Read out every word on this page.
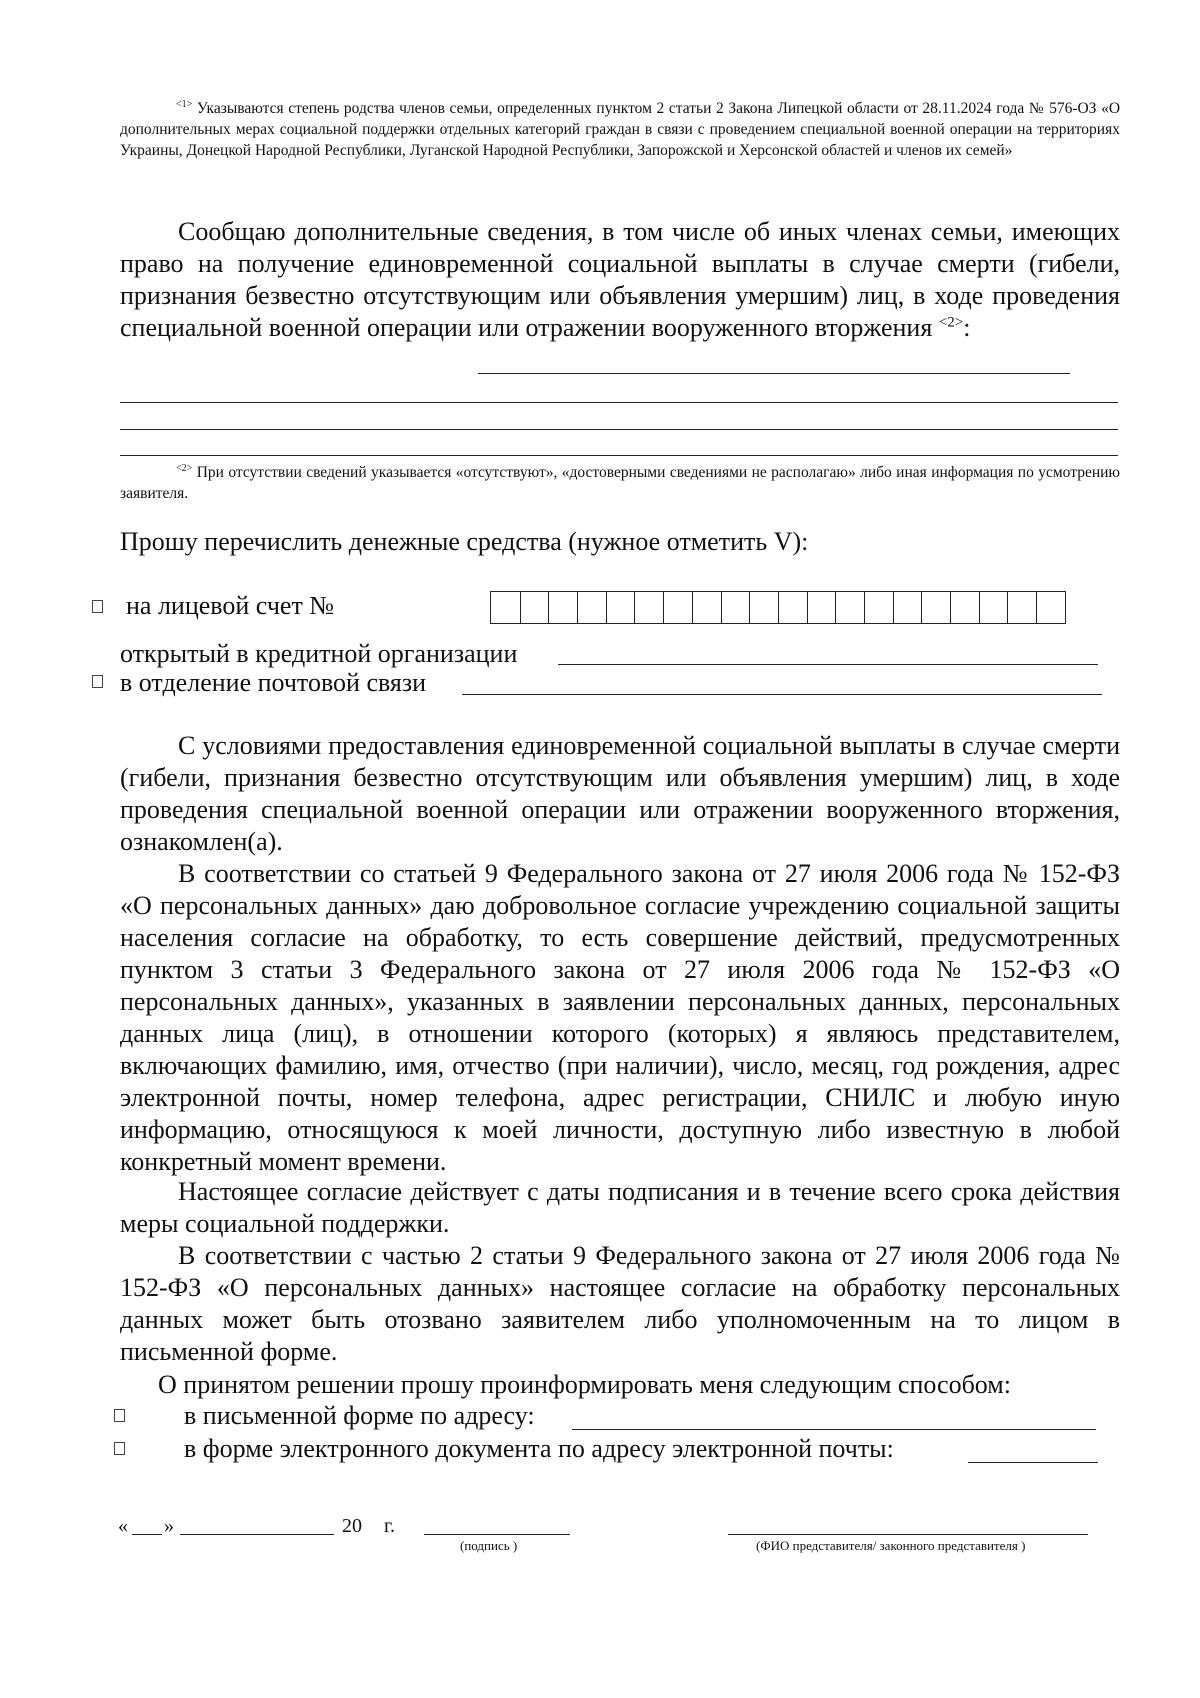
$^{<1>}$ Указываются степень родства членов семьи, определенных пунктом 2 статьи 2 Закона Липецкой области от 28.11.2024 года № 576-ОЗ «О дополнительных мерах социальной поддержки отдельных категорий граждан в связи с проведением специальной военной операции на территориях Украины, Донецкой Народной Республики, Луганской Народной Республики, Запорожской и Херсонской областей и членов их семей»
Сообщаю дополнительные сведения, в том числе об иных членах семьи, имеющих право на получение единовременной социальной выплаты в случае смерти (гибели, признания безвестно отсутствующим или объявления умершим) лиц, в ходе проведения специальной военной операции или отражении вооруженного вторжения $^{<2>}$:
$^{<2>}$ При отсутствии сведений указывается «отсутствуют», «достоверными сведениями не располагаю» либо иная информация по усмотрению заявителя.
Прошу перечислить денежные средства (нужное отметить V):
на лицевой счет №
открытый в кредитной организации
в отделение почтовой связи
С условиями предоставления единовременной социальной выплаты в случае смерти (гибели, признания безвестно отсутствующим или объявления умершим) лиц, в ходе проведения специальной военной операции или отражении вооруженного вторжения, ознакомлен(а).
В соответствии со статьей 9 Федерального закона от 27 июля 2006 года № 152-ФЗ «О персональных данных» даю добровольное согласие учреждению социальной защиты населения согласие на обработку, то есть совершение действий, предусмотренных пунктом 3 статьи 3 Федерального закона от 27 июля 2006 года № 152-ФЗ «О персональных данных», указанных в заявлении персональных данных, персональных данных лица (лиц), в отношении которого (которых) я являюсь представителем, включающих фамилию, имя, отчество (при наличии), число, месяц, год рождения, адрес электронной почты, номер телефона, адрес регистрации, СНИЛС и любую иную информацию, относящуюся к моей личности, доступную либо известную в любой конкретный момент времени.
Настоящее согласие действует с даты подписания и в течение всего срока действия меры социальной поддержки.
В соответствии с частью 2 статьи 9 Федерального закона от 27 июля 2006 года № 152-ФЗ «О персональных данных» настоящее согласие на обработку персональных данных может быть отозвано заявителем либо уполномоченным на то лицом в письменной форме.
О принятом решении прошу проинформировать меня следующим способом:
в письменной форме по адресу:
в форме электронного документа по адресу электронной почты:
« »	20 г.
(подпись )	(ФИО представителя/ законного представителя )
